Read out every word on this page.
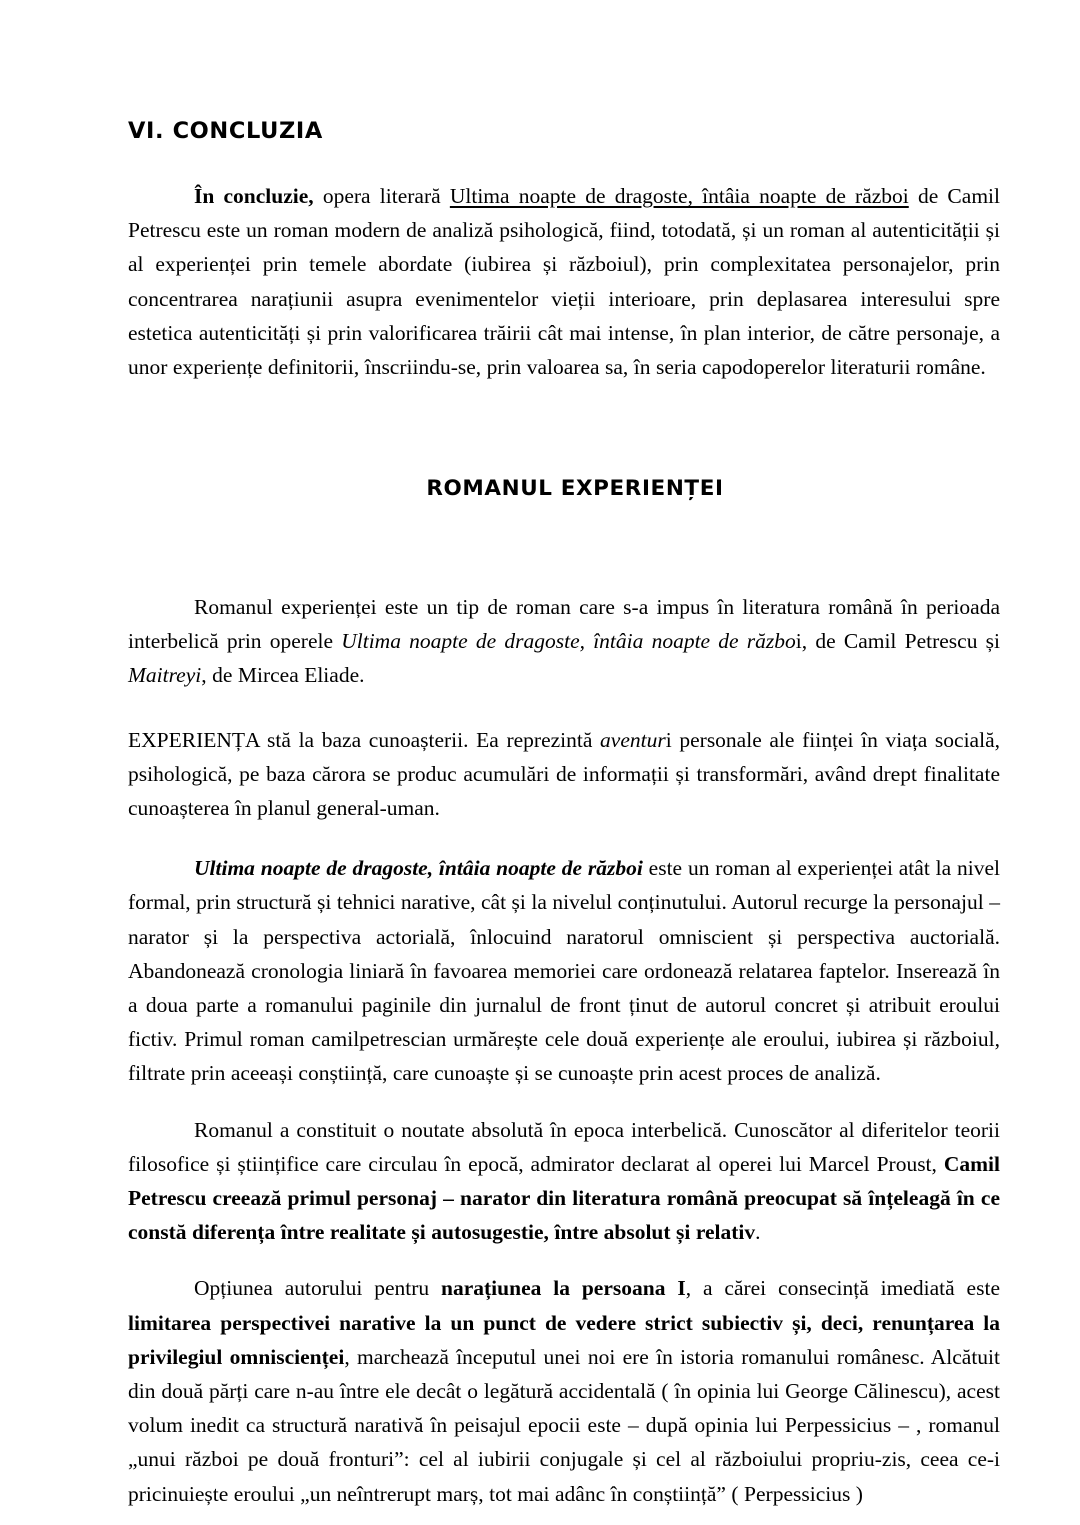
VI. CONCLUZIA

În concluzie, opera literară Ultima noapte de dragoste, întâia noapte de război de Camil Petrescu este un roman modern de analiză psihologică, fiind, totodată, și un roman al autenticității și al experienței prin temele abordate (iubirea și războiul), prin complexitatea personajelor, prin concentrarea narațiunii asupra evenimentelor vieții interioare, prin deplasarea interesului spre estetica autenticități și prin valorificarea trăirii cât mai intense, în plan interior, de către personaje, a unor experiențe definitorii, înscriindu-se, prin valoarea sa, în seria capodoperelor literaturii române.

ROMANUL EXPERIENȚEI

Romanul experienței este un tip de roman care s-a impus în literatura română în perioada interbelică prin operele Ultima noapte de dragoste, întâia noapte de război, de Camil Petrescu și Maitreyi, de Mircea Eliade.

EXPERIENȚA stă la baza cunoașterii. Ea reprezintă aventuri personale ale ființei în viața socială, psihologică, pe baza cărora se produc acumulări de informații și transformări, având drept finalitate cunoașterea în planul general-uman.

Ultima noapte de dragoste, întâia noapte de război este un roman al experienței atât la nivel formal, prin structură și tehnici narative, cât și la nivelul conținutului. Autorul recurge la personajul – narator și la perspectiva actorială, înlocuind naratorul omniscient și perspectiva auctorială. Abandonează cronologia liniară în favoarea memoriei care ordonează relatarea faptelor. Inserează în a doua parte a romanului paginile din jurnalul de front ținut de autorul concret și atribuit eroului fictiv. Primul roman camilpetrescian urmărește cele două experiențe ale eroului, iubirea și războiul, filtrate prin aceeași conștiință, care cunoaște și se cunoaște prin acest proces de analiză.

Romanul a constituit o noutate absolută în epoca interbelică. Cunoscător al diferitelor teorii filosofice și științifice care circulau în epocă, admirator declarat al operei lui Marcel Proust, Camil Petrescu creează primul personaj – narator din literatura română preocupat să înțeleagă în ce constă diferența între realitate și autosugestie, între absolut și relativ.

Opțiunea autorului pentru narațiunea la persoana I, a cărei consecință imediată este limitarea perspectivei narative la un punct de vedere strict subiectiv și, deci, renunțarea la privilegiul omniscienței, marchează începutul unei noi ere în istoria romanului românesc. Alcătuit din două părți care n-au între ele decât o legătură accidentală ( în opinia lui George Călinescu), acest volum inedit ca structură narativă în peisajul epocii este – după opinia lui Perpessicius – , romanul „unui război pe două fronturi”: cel al iubirii conjugale și cel al războiului propriu-zis, ceea ce-i pricinuiește eroului „un neîntrerupt marș, tot mai adânc în conștiință” ( Perpessicius )
